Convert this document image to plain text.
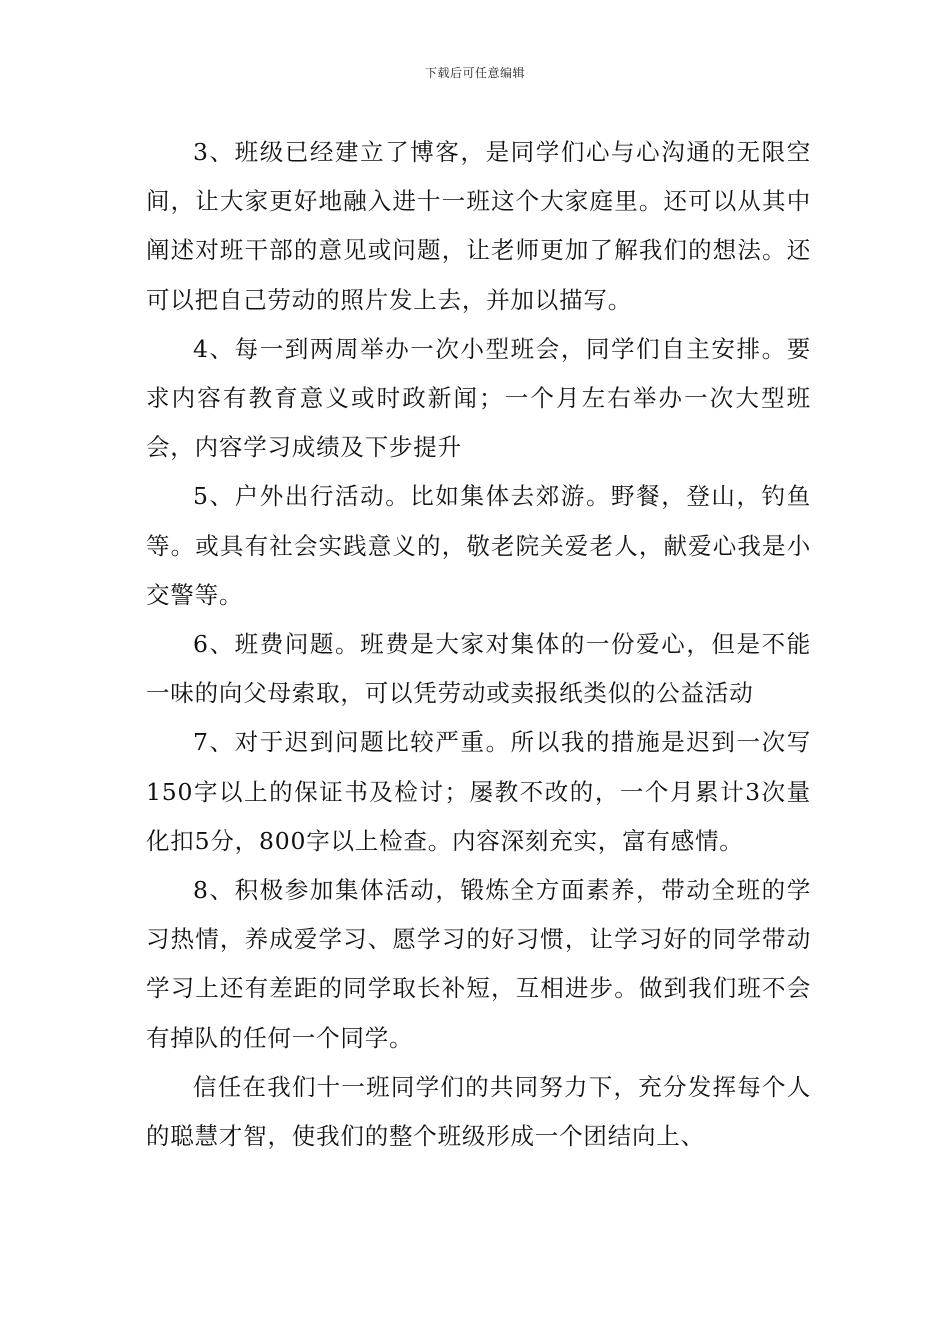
下载后可任意编辑

3、班级已经建立了博客，是同学们心与心沟通的无限空间，让大家更好地融入进十一班这个大家庭里。还可以从其中阐述对班干部的意见或问题，让老师更加了解我们的想法。还可以把自己劳动的照片发上去，并加以描写。

4、每一到两周举办一次小型班会，同学们自主安排。要求内容有教育意义或时政新闻；一个月左右举办一次大型班会，内容学习成绩及下步提升

5、户外出行活动。比如集体去郊游。野餐，登山，钓鱼等。或具有社会实践意义的，敬老院关爱老人，献爱心我是小交警等。

6、班费问题。班费是大家对集体的一份爱心，但是不能一味的向父母索取，可以凭劳动或卖报纸类似的公益活动

7、对于迟到问题比较严重。所以我的措施是迟到一次写150字以上的保证书及检讨；屡教不改的，一个月累计3次量化扣5分，800字以上检查。内容深刻充实，富有感情。

8、积极参加集体活动，锻炼全方面素养，带动全班的学习热情，养成爱学习、愿学习的好习惯，让学习好的同学带动学习上还有差距的同学取长补短，互相进步。做到我们班不会有掉队的任何一个同学。

信任在我们十一班同学们的共同努力下，充分发挥每个人的聪慧才智，使我们的整个班级形成一个团结向上、
